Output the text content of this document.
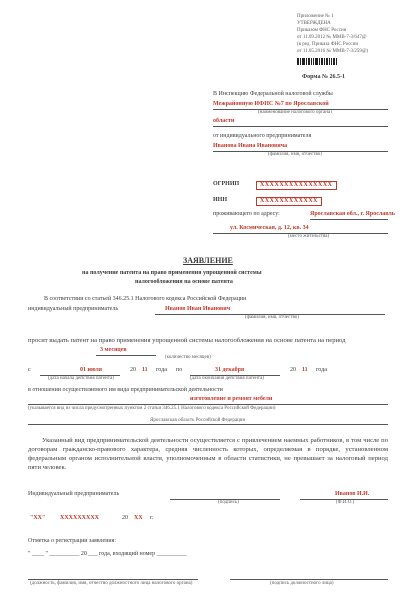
Приложение № 1
УТВЕРЖДЕНА
Приказом ФНС России
от 11.09.2012 № ММВ-7-3/647@
(в ред. Приказа ФНС России
от 11.05.2016 № ММВ-7-3/259@)
Форма № 26.5-1
В Инспекцию Федеральной налоговой службы
Межрайонную ИФНС №7 по Ярославской
(наименование налогового органа)
области
от индивидуального предпринимателя
Иванова Ивана Ивановича
(фамилия, имя, отчество)
ОГРНИП	XXXXXXXXXXXXXXX
ИНН	XXXXXXXXXXXX
проживающего по адресу:	Ярославская обл., г. Ярославль
ул. Космическая, д. 12, кв. 34
(место жительства)
ЗАЯВЛЕНИЕ
на получение патента на право применения упрощенной системы
налогообложения на основе патента
В соответствии со статьей 346.25.1 Налогового кодекса Российской Федерации
индивидуальный предприниматель	Иванов Иван Иванович
(фамилия, имя, отчество)
просит выдать патент на право применения упрощенной системы налогообложения на основе патента на период
3 месяцев
(количество месяцев)
с	01 июля	20 11 года по	31 декабря	20 11 года
(дата начала действия патента)	(дата окончания действия патента)
в отношении осуществляемого им вида предпринимательской деятельности
изготовление и ремонт мебели
(указывается вид из числа предусмотренных пунктом 2 статьи 346.25.1 Налогового кодекса Российской Федерации)
Ярославская область Российской Федерации
Указанный вид предпринимательской деятельности осуществляется с привлечением наемных работников, в том числе по договорам гражданско-правового характера, средняя численность которых, определяемая в порядке, установленном федеральным органом исполнительной власти, уполномоченным в области статистики, не превышает за налоговый период пяти человек.
Индивидуальный предприниматель
(подпись)
Иванов И.И.
(Ф.И.О.)
"XX" XXXXXXXXX	20 XX г.
Отметка о регистрации заявления:
" ____ " __________ 20 ___ года, входящий номер __________
(должность, фамилия, имя, отчество должностного лица налогового органа)	(подпись должностного лица)
